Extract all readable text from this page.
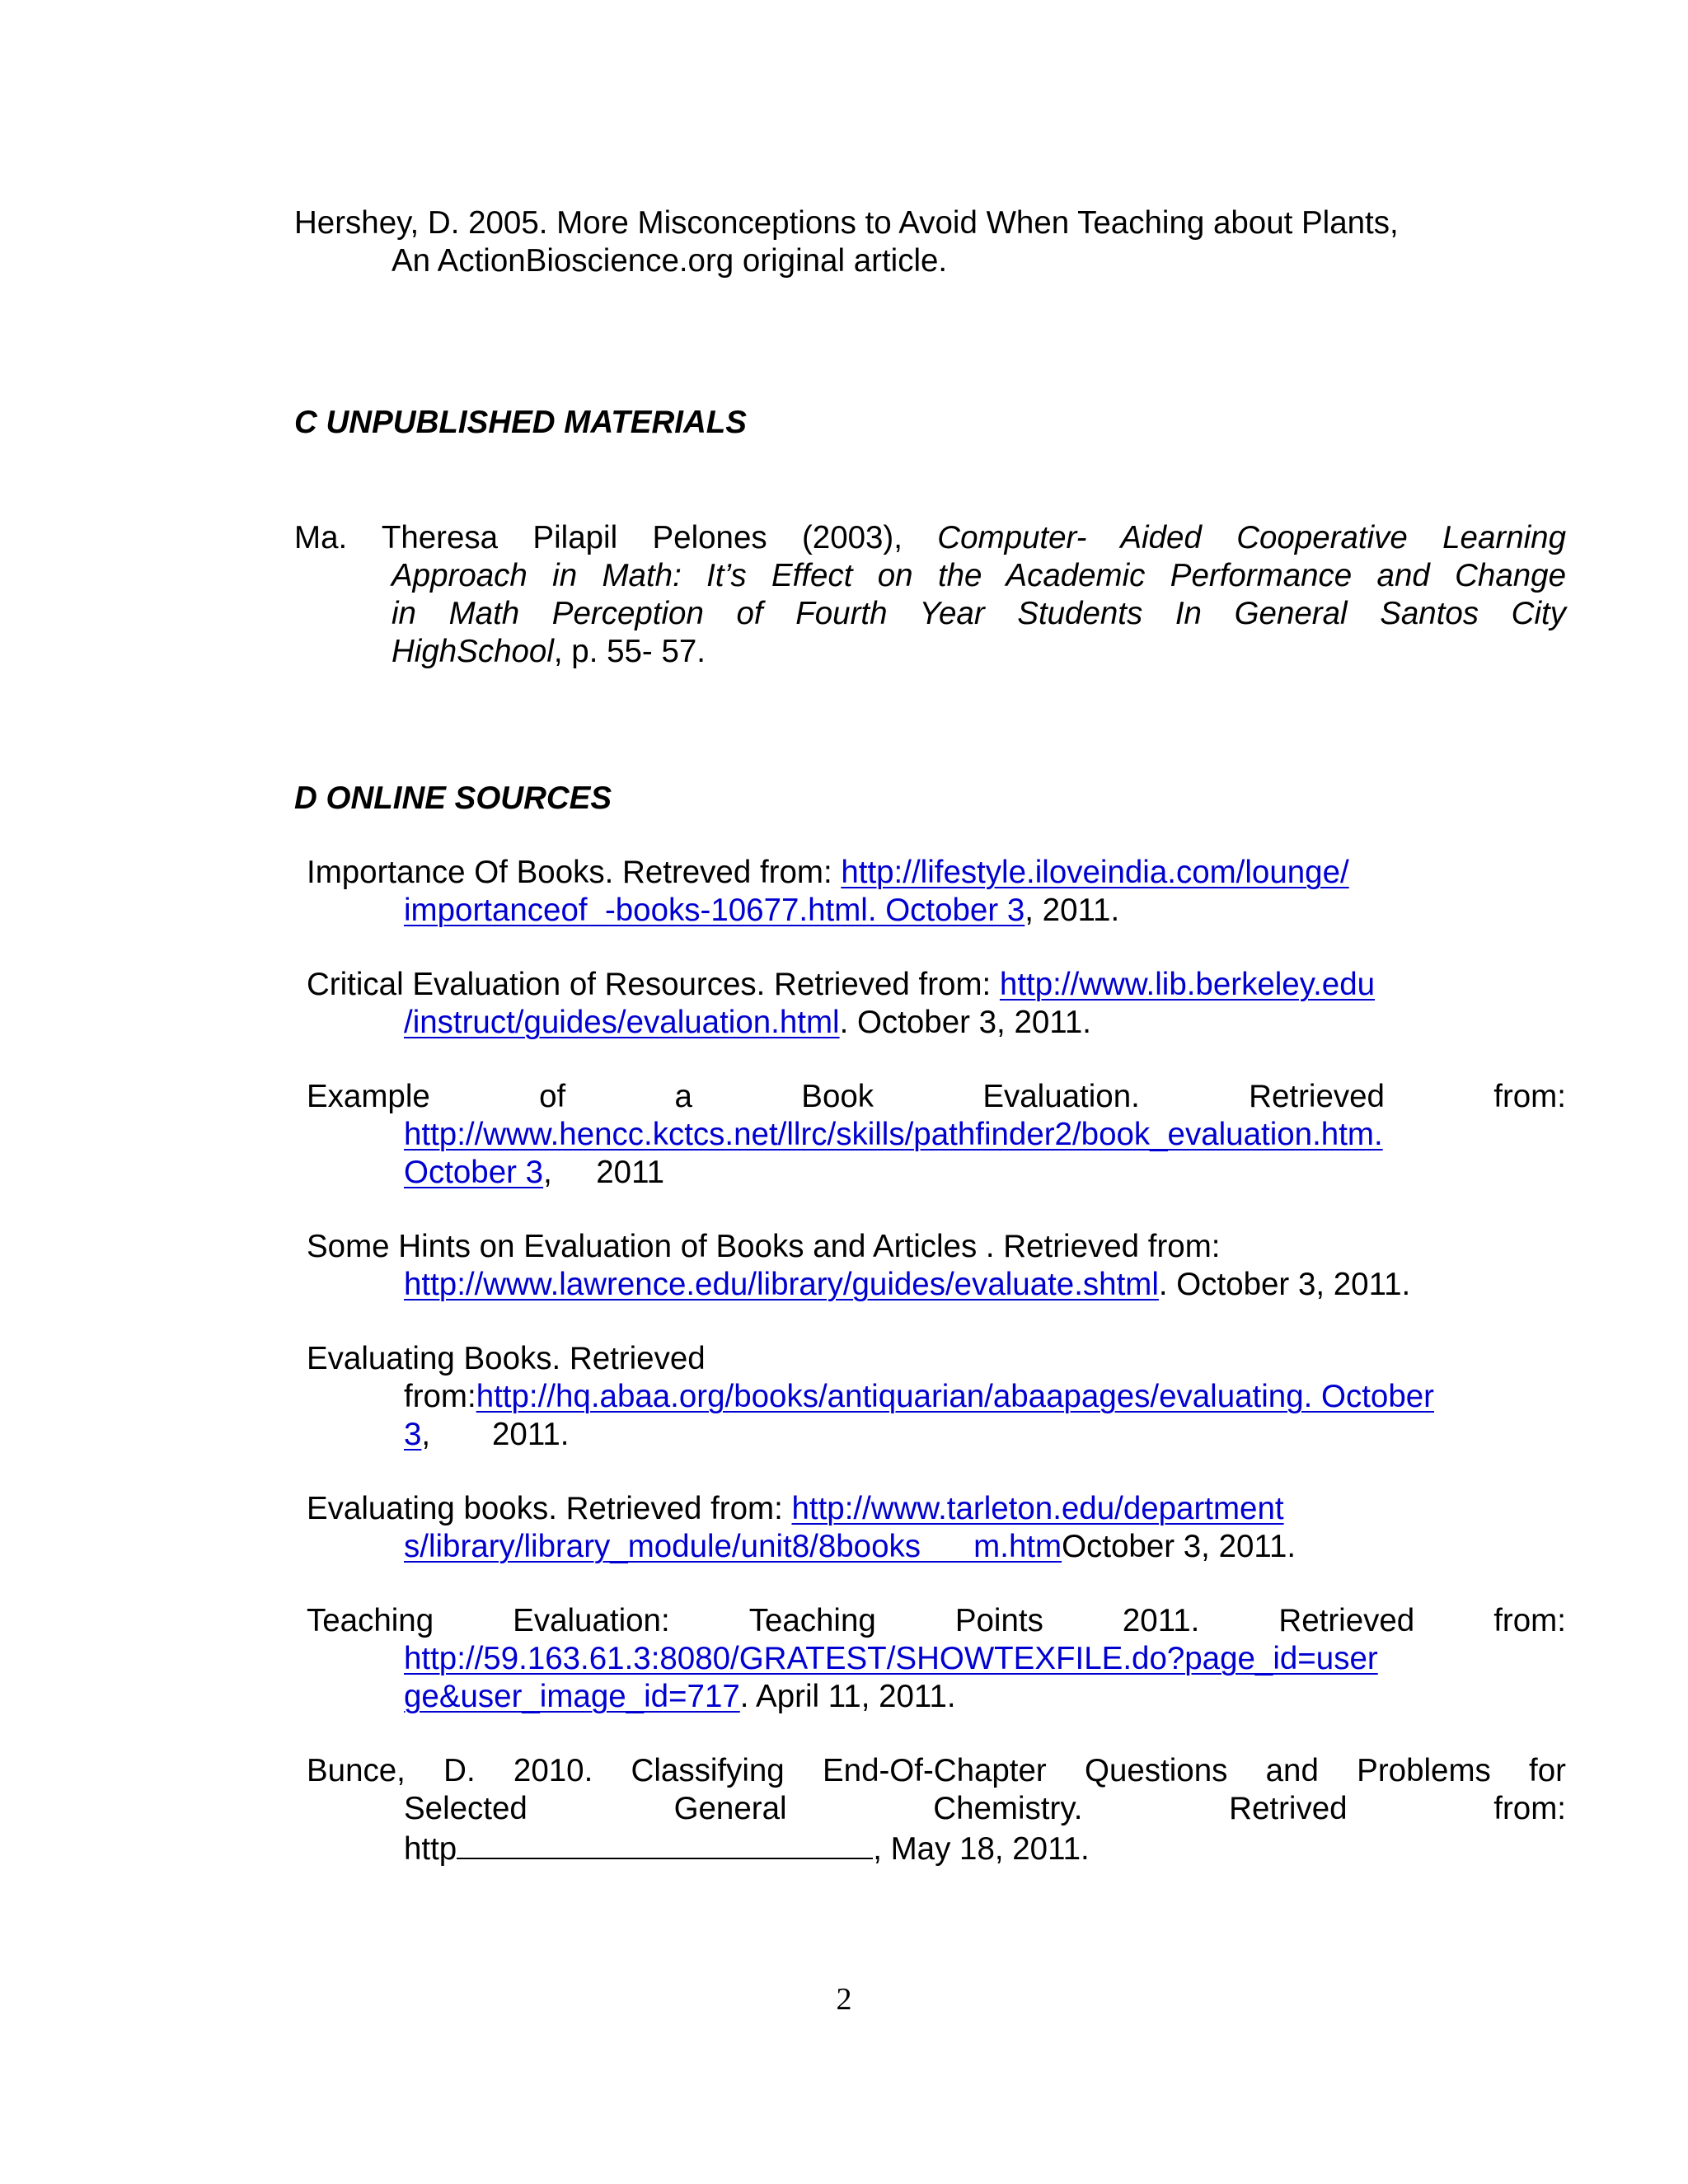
Hershey, D. 2005. More Misconceptions to Avoid When Teaching about Plants,
An ActionBioscience.org original article.
C UNPUBLISHED MATERIALS
Ma. Theresa Pilapil Pelones (2003), Computer- Aided Cooperative Learning
Approach in Math: It’s Effect on the Academic Performance and Change
in Math Perception of Fourth Year Students In General Santos City
HighSchool, p. 55- 57.
D ONLINE SOURCES
Importance Of Books. Retreved from: http://lifestyle.iloveindia.com/lounge/
importanceof  -books-10677.html. October 3, 2011.
Critical Evaluation of Resources. Retrieved from: http://www.lib.berkeley.edu
/instruct/guides/evaluation.html. October 3, 2011.
Example	of	a	Book	Evaluation.	Retrieved	from:
http://www.hencc.kctcs.net/llrc/skills/pathfinder2/book_evaluation.htm.
October 3,     2011
Some Hints on Evaluation of Books and Articles . Retrieved from:
http://www.lawrence.edu/library/guides/evaluate.shtml. October 3, 2011.
Evaluating Books. Retrieved
from:http://hq.abaa.org/books/antiquarian/abaapages/evaluating. October
3,       2011.
Evaluating books. Retrieved from: http://www.tarleton.edu/department
s/library/library_module/unit8/8books      m.htmOctober 3, 2011.
Teaching Evaluation: Teaching Points 2011. Retrieved from:
http://59.163.61.3:8080/GRATEST/SHOWTEXFILE.do?page_id=user
ge&user_image_id=717. April 11, 2011.
Bunce, D. 2010. Classifying End-Of-Chapter Questions and Problems for
Selected	General	Chemistry.	Retrived	from:
http	, May 18, 2011.
2
